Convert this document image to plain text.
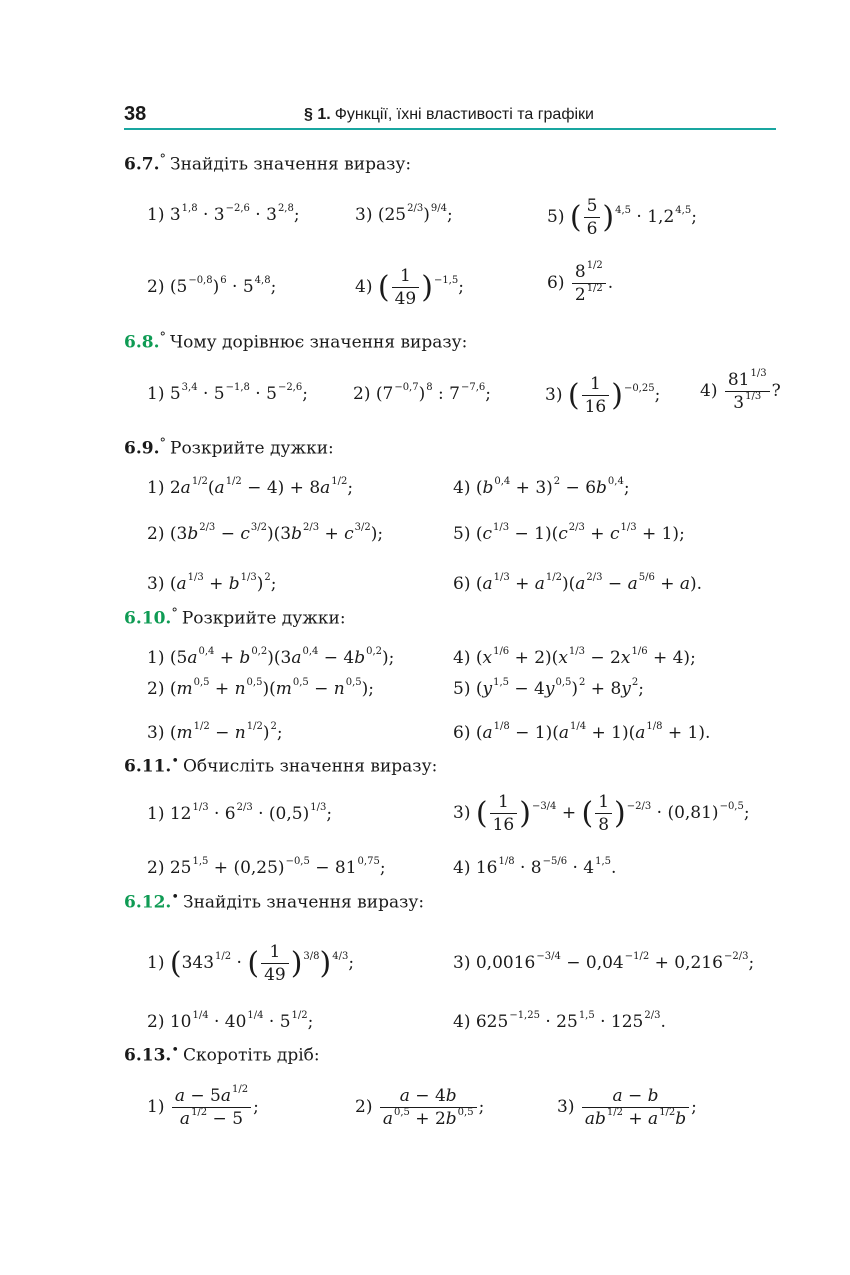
38	§ 1. Функції, їхні властивості та графіки
6.7.° Знайдіть значення виразу:
1) $3^{1,8} \cdot 3^{-2,6} \cdot 3^{2,8}$;	3) $(25^{2/3})^{9/4}$;	5) ( $\frac{5}{6} )^{4,5} \cdot 1,2^{4,5}$;
2) $(5^{-0,8})^6 \cdot 5^{4,8}$;	4) ( $\frac{1}{49} )^{-1,5}$;	$6) \frac{8^{1/2}}{2^{1/2}}$ .
6.8.° Чому дорівнює значення виразу:
1) $5^{3,4} \cdot 5^{-1,8} \cdot 5^{-2,6}$;	2) $(7^{-0,7})^8$ : $7^{-7,6}$;	3) ( $\frac{1}{16} )^{-0,25}$; $4) \frac{81^{1/3}}{3^{1/3}}$ ?
6.9.° Розкрийте дужки:
1) $2a^{1/2}(a^{1/2} - 4) + 8a^{1/2}$;	4) $(b^{0,4} + 3)^2 - 6b^{0,4}$;
2) $(3b^{2/3} - c^{3/2})(3b^{2/3} + c^{3/2})$;	5) $(c^{1/3} - 1)(c^{2/3} + c^{1/3} + 1)$;
3) $(a^{1/3} + b^{1/3})^2$;	6) $(a^{1/3} + a^{1/2})(a^{2/3} - a^{5/6} + a)$.
6.10.° Розкрийте дужки:
1) $(5a^{0,4} + b^{0,2})(3a^{0,4} - 4b^{0,2})$;	4) $(x^{1/6} + 2)(x^{1/3} - 2x^{1/6} + 4)$;
2) $(m^{0,5} + n^{0,5})(m^{0,5} - n^{0,5})$;	5) $(y^{1,5} - 4y^{0,5})^2 + 8y^2$;
3) $(m^{1/2} - n^{1/2})^2$;	6) $(a^{1/8} - 1)(a^{1/4} + 1)(a^{1/8} + 1)$.
6.11.• Обчисліть значення виразу:
1) $12^{1/3} \cdot 6^{2/3} \cdot (0,5)^{1/3}$;	3) ( $\frac{1}{16} )^{-3/4}$ + ( $\frac{1}{8} )^{-2/3} \cdot (0,81)^{-0,5}$;
2) $25^{1,5} + (0,25)^{-0,5} - 81^{0,75}$;	4) $16^{1/8} \cdot 8^{-5/6} \cdot 4^{1,5}$.
6.12.• Знайдіть значення виразу:
1) ($343^{1/2}$ · ( $\frac{1}{49} )^{3/8})^{4/3}$;	3) $0,0016^{-3/4} - 0,04^{-1/2} + 0,216^{-2/3}$;
2) $10^{1/4} \cdot 40^{1/4} \cdot 5^{1/2}$;	4) $625^{-1,25} \cdot 25^{1,5} \cdot 125^{2/3}$.
6.13.• Скоротіть дріб:
$1) \frac{a - 5a^{1/2}}{a^{1/2} - 5}$ ;	$2) \frac{a - 4b}{a^{0,5} + 2b^{0,5}}$ ;	$3) \frac{a - b}{ab^{1/2} + a^{1/2}b}$ ;
